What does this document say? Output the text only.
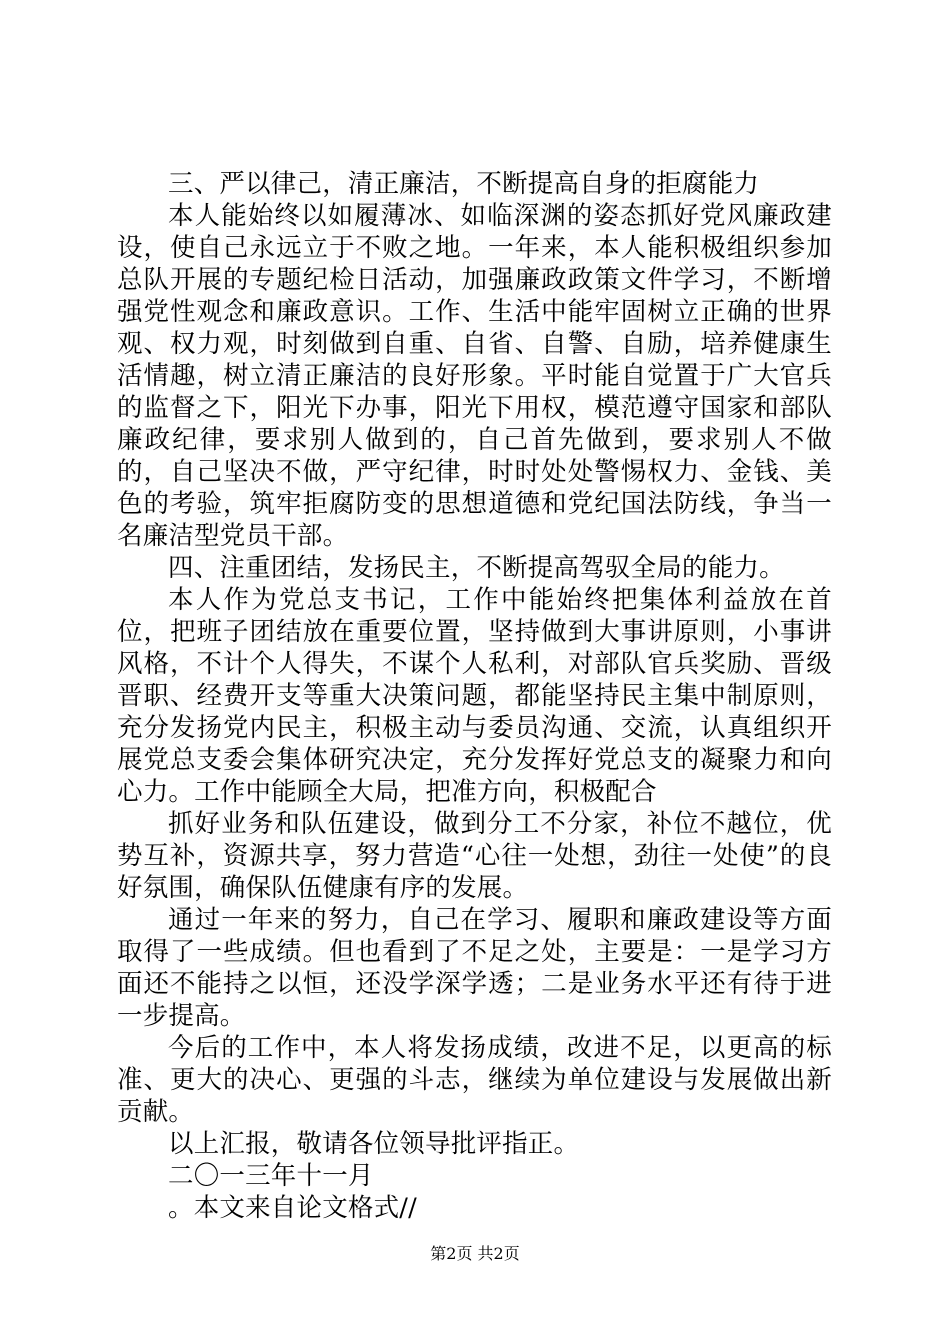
三、严以律己，清正廉洁，不断提高自身的拒腐能力

本人能始终以如履薄冰、如临深渊的姿态抓好党风廉政建设，使自己永远立于不败之地。一年来，本人能积极组织参加总队开展的专题纪检日活动，加强廉政政策文件学习，不断增强党性观念和廉政意识。工作、生活中能牢固树立正确的世界观、权力观，时刻做到自重、自省、自警、自励，培养健康生活情趣，树立清正廉洁的良好形象。平时能自觉置于广大官兵的监督之下，阳光下办事，阳光下用权，模范遵守国家和部队廉政纪律，要求别人做到的，自己首先做到，要求别人不做的，自己坚决不做，严守纪律，时时处处警惕权力、金钱、美色的考验，筑牢拒腐防变的思想道德和党纪国法防线，争当一名廉洁型党员干部。

四、注重团结，发扬民主，不断提高驾驭全局的能力。

本人作为党总支书记，工作中能始终把集体利益放在首位，把班子团结放在重要位置，坚持做到大事讲原则，小事讲风格，不计个人得失，不谋个人私利，对部队官兵奖励、晋级晋职、经费开支等重大决策问题，都能坚持民主集中制原则，充分发扬党内民主，积极主动与委员沟通、交流，认真组织开展党总支委会集体研究决定，充分发挥好党总支的凝聚力和向心力。工作中能顾全大局，把准方向，积极配合

抓好业务和队伍建设，做到分工不分家，补位不越位，优势互补，资源共享，努力营造“心往一处想，劲往一处使”的良好氛围，确保队伍健康有序的发展。

通过一年来的努力，自己在学习、履职和廉政建设等方面取得了一些成绩。但也看到了不足之处，主要是：一是学习方面还不能持之以恒，还没学深学透；二是业务水平还有待于进一步提高。

今后的工作中，本人将发扬成绩，改进不足，以更高的标准、更大的决心、更强的斗志，继续为单位建设与发展做出新贡献。

以上汇报，敬请各位领导批评指正。

二〇一三年十一月

。本文来自论文格式//

第2页 共2页
